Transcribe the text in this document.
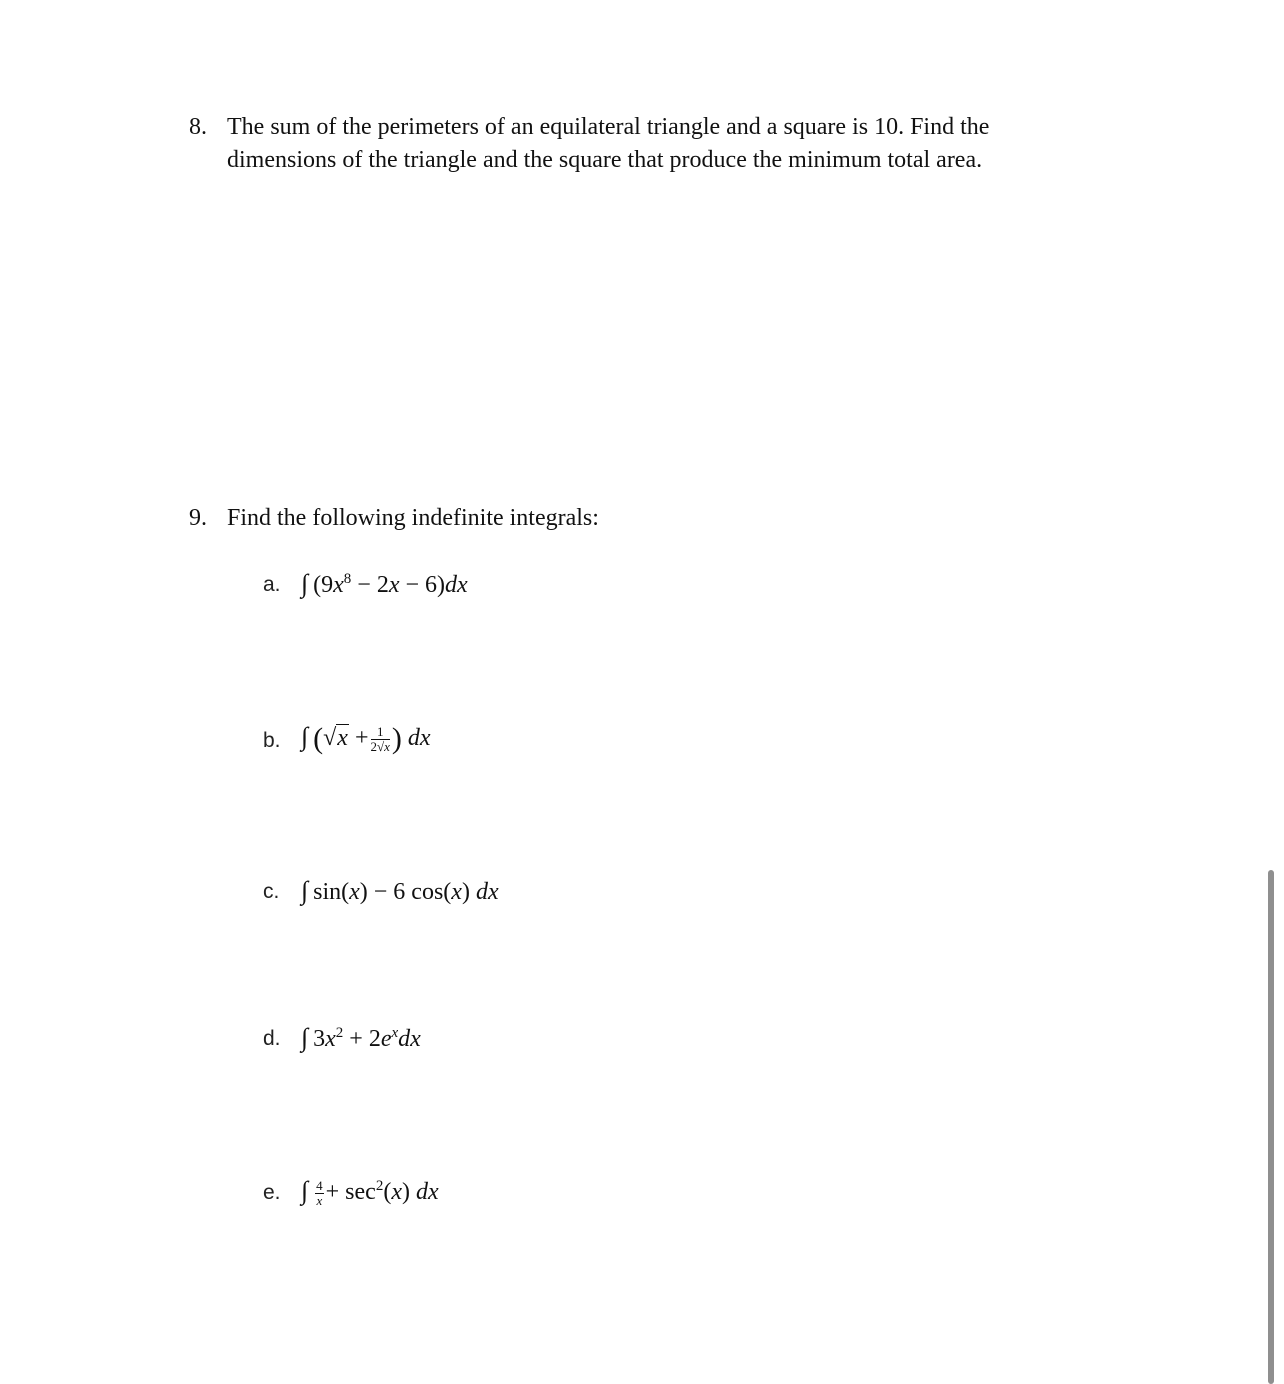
8. The sum of the perimeters of an equilateral triangle and a square is 10. Find the
dimensions of the triangle and the square that produce the minimum total area.
9. Find the following indefinite integrals:
a. ∫ $(9x^8 - 2x - 6)dx$
b. ∫ ($√x + \frac{1}{2√x}$ ) dx
c. ∫ sin(x) − 6 cos(x) dx
d. ∫ $3x^2 + 2e^xdx$
e. ∫ $\frac{4}{x} + \sec^2(x)$ dx
